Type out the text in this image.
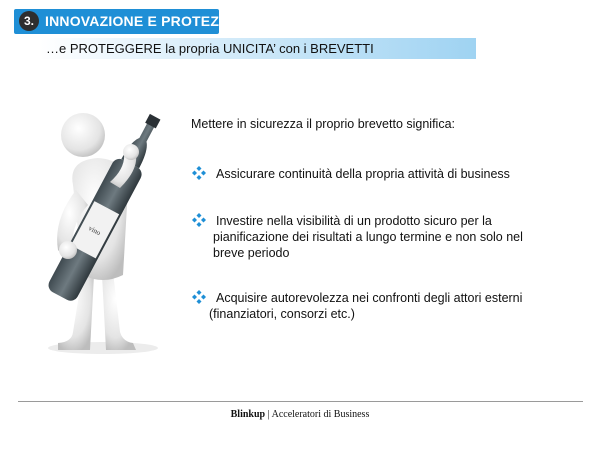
3. INNOVAZIONE E PROTEZIONE
…e PROTEGGERE la propria UNICITA’ con i BREVETTI
vino
Mettere in sicurezza il proprio brevetto significa:
Assicurare continuità della propria attività di business
Investire nella visibilità di un prodotto sicuro per la
pianificazione dei risultati a lungo termine e non solo nel
breve periodo
Acquisire autorevolezza nei confronti degli attori esterni
(finanziatori, consorzi etc.)
Blinkup | Acceleratori di Business
